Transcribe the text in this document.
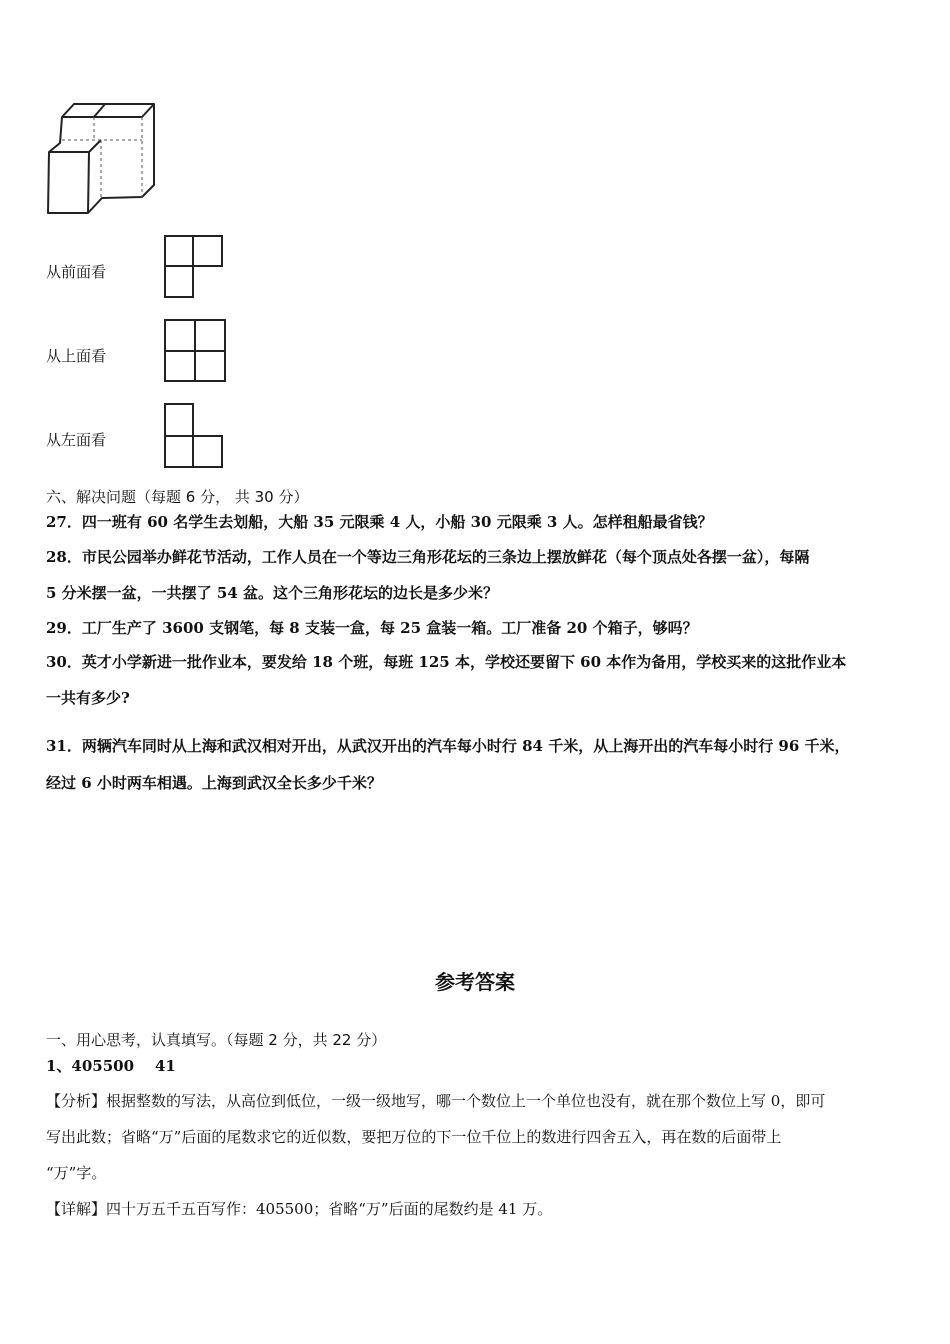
从前面看
从上面看
从左面看
六、解决问题（每题 6 分， 共 30 分）
27．四一班有 60 名学生去划船，大船 35 元限乘 4 人，小船 30 元限乘 3 人。怎样租船最省钱？
28．市民公园举办鲜花节活动，工作人员在一个等边三角形花坛的三条边上摆放鲜花（每个顶点处各摆一盆），每隔
5 分米摆一盆，一共摆了 54 盆。这个三角形花坛的边长是多少米？
29．工厂生产了 3600 支钢笔，每 8 支装一盒，每 25 盒装一箱。工厂准备 20 个箱子，够吗？
30．英才小学新进一批作业本，要发给 18 个班，每班 125 本，学校还要留下 60 本作为备用，学校买来的这批作业本
一共有多少?
31．两辆汽车同时从上海和武汉相对开出，从武汉开出的汽车每小时行 84 千米，从上海开出的汽车每小时行 96 千米，
经过 6 小时两车相遇。上海到武汉全长多少千米？
参考答案
一、用心思考，认真填写。（每题 2 分，共 22 分）
1、405500    41
【分析】根据整数的写法，从高位到低位，一级一级地写，哪一个数位上一个单位也没有，就在那个数位上写 0，即可
写出此数；省略“万”后面的尾数求它的近似数，要把万位的下一位千位上的数进行四舍五入，再在数的后面带上
“万”字。
【详解】四十万五千五百写作：405500；省略“万”后面的尾数约是 41 万。
